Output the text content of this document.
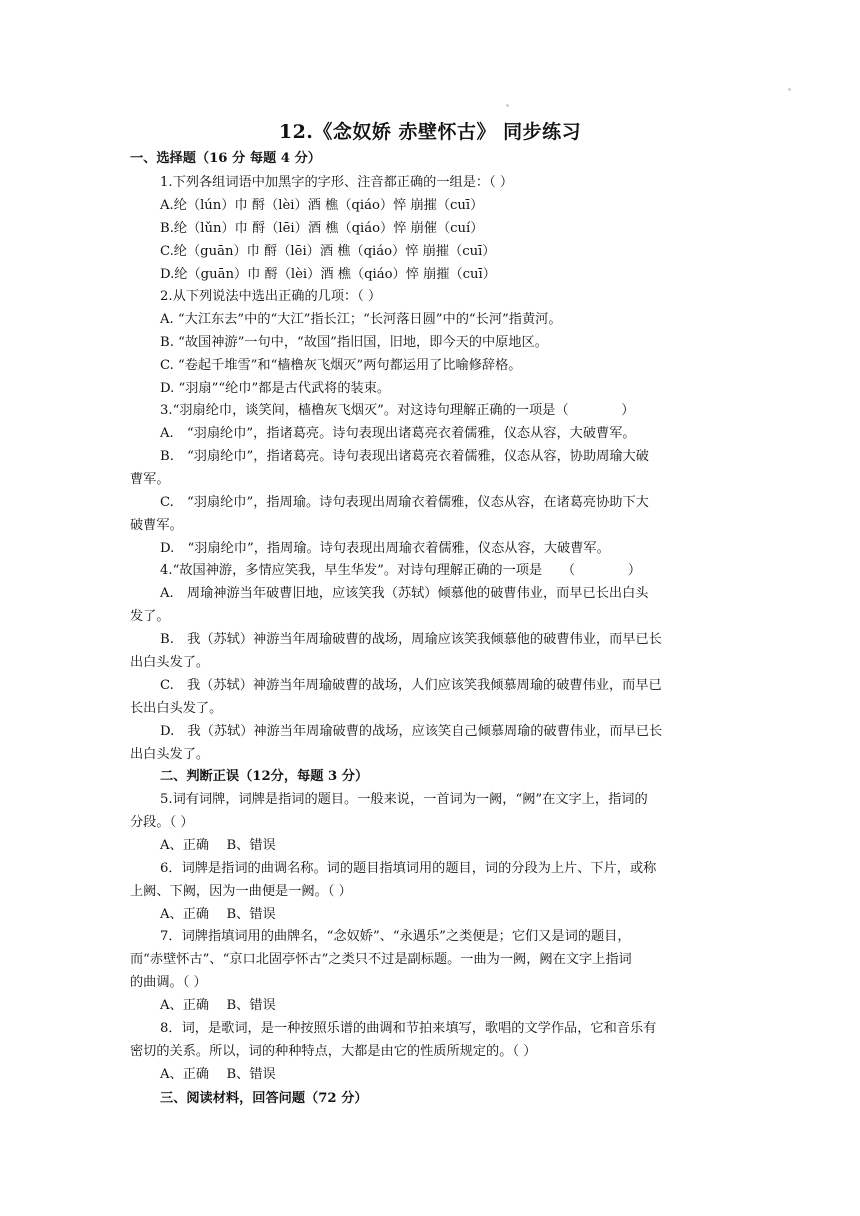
12.《念奴娇 赤壁怀古》 同步练习
一、选择题（16 分 每题 4 分）
1.下列各组词语中加黑字的字形、注音都正确的一组是：（ ）
A.纶（lún）巾 酹（lèi）酒 樵（qiáo）悴 崩摧（cuī）
B.纶（lǔn）巾 酹（lēi）酒 樵（qiáo）悴 崩催（cuí）
C.纶（guān）巾 酹（lēi）酒 樵（qiáo）悴 崩摧（cuī）
D.纶（guān）巾 酹（lèi）酒 樵（qiáo）悴 崩摧（cuī）
2.从下列说法中选出正确的几项：（ ）
A. “大江东去”中的“大江”指长江；“长河落日圆”中的“长河”指黄河。
B. “故国神游”一句中，“故国”指旧国，旧地，即今天的中原地区。
C. “卷起千堆雪”和“樯橹灰飞烟灭”两句都运用了比喻修辞格。
D. “羽扇”“纶巾”都是古代武将的装束。
3.“羽扇纶巾，谈笑间，樯橹灰飞烟灭”。对这诗句理解正确的一项是（　　　　）
A.　“羽扇纶巾”，指诸葛亮。诗句表现出诸葛亮衣着儒雅，仪态从容，大破曹军。
B.　“羽扇纶巾”，指诸葛亮。诗句表现出诸葛亮衣着儒雅，仪态从容，协助周瑜大破
曹军。
C.　“羽扇纶巾”，指周瑜。诗句表现出周瑜衣着儒雅，仪态从容，在诸葛亮协助下大
破曹军。
D.　“羽扇纶巾”，指周瑜。诗句表现出周瑜衣着儒雅，仪态从容，大破曹军。
4.“故国神游，多情应笑我，早生华发”。对诗句理解正确的一项是　　（　　　　）
A.　周瑜神游当年破曹旧地，应该笑我（苏轼）倾慕他的破曹伟业，而早已长出白头
发了。
B.　我（苏轼）神游当年周瑜破曹的战场，周瑜应该笑我倾慕他的破曹伟业，而早已长
出白头发了。
C.　我（苏轼）神游当年周瑜破曹的战场，人们应该笑我倾慕周瑜的破曹伟业，而早已
长出白头发了。
D.　我（苏轼）神游当年周瑜破曹的战场，应该笑自己倾慕周瑜的破曹伟业，而早已长
出白头发了。
二、判断正误（12分，每题 3 分）
5.词有词牌，词牌是指词的题目。一般来说，一首词为一阙，“阙”在文字上，指词的
分段。（ ）
A、正确　 B、错误
6．词牌是指词的曲调名称。词的题目指填词用的题目，词的分段为上片、下片，或称
上阙、下阙，因为一曲便是一阙。（ ）
A、正确　 B、错误
7．词牌指填词用的曲牌名，“念奴娇”、“永遇乐”之类便是；它们又是词的题目，
而“赤壁怀古”、“京口北固亭怀古”之类只不过是副标题。一曲为一阙，阙在文字上指词
的曲调。（ ）
A、正确　 B、错误
8．词，是歌词，是一种按照乐谱的曲调和节拍来填写，歌唱的文学作品，它和音乐有
密切的关系。所以，词的种种特点，大都是由它的性质所规定的。（ ）
A、正确　 B、错误
三、阅读材料，回答问题（72 分）
